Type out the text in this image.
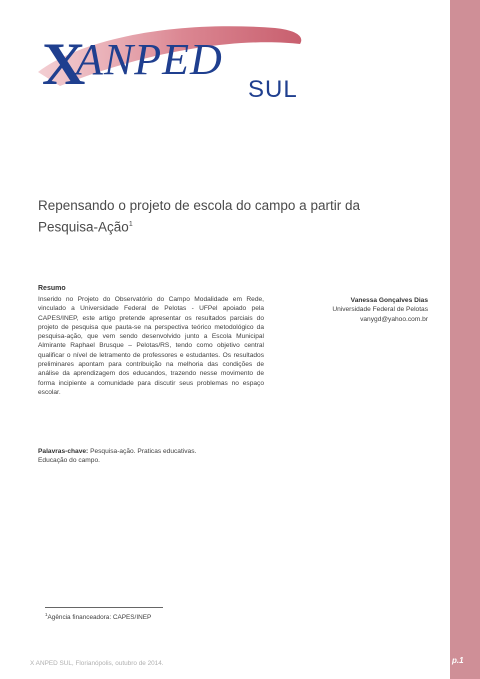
p.1
X
ANPED
SUL
Repensando o projeto de escola do campo a partir da
Pesquisa-Ação$^1$
Resumo
Inserido no Projeto do Observatório do Campo Modalidade em Rede, vinculado a Universidade Federal de Pelotas - UFPel apoiado pela CAPES/INEP, este artigo pretende apresentar os resultados parciais do projeto de pesquisa que pauta-se na perspectiva teórico metodológico da pesquisa-ação, que vem sendo desenvolvido junto a Escola Municipal Almirante Raphael Brusque – Pelotas/RS, tendo como objetivo central qualificar o nível de letramento de professores e estudantes. Os resultados preliminares apontam para contribuição na melhoria das condições de análise da aprendizagem dos educandos, trazendo nesse movimento de forma incipiente a comunidade para discutir seus problemas no espaço escolar.
Palavras-chave: Pesquisa-ação. Praticas educativas.
Educação do campo.
Vanessa Gonçalves Dias
Universidade Federal de Pelotas
vanygd@yahoo.com.br
$^1$Agência financeadora: CAPES/INEP
X ANPED SUL, Florianópolis, outubro de 2014.
